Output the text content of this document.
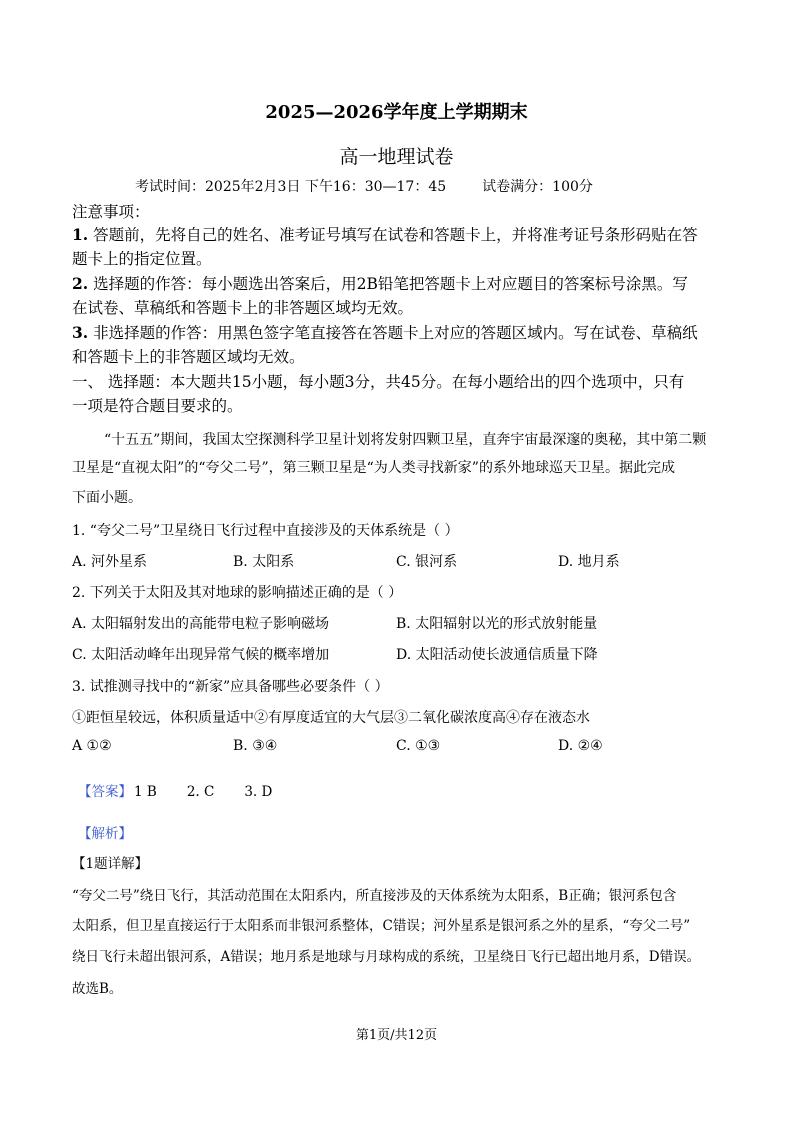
2025—2026学年度上学期期末
高一地理试卷
考试时间：2025年2月3日 下午16：30—17：45	试卷满分：100分
注意事项：
1. 答题前，先将自己的姓名、准考证号填写在试卷和答题卡上，并将准考证号条形码贴在答
题卡上的指定位置。
2. 选择题的作答：每小题选出答案后，用2B铅笔把答题卡上对应题目的答案标号涂黑。写
在试卷、草稿纸和答题卡上的非答题区域均无效。
3. 非选择题的作答：用黑色签字笔直接答在答题卡上对应的答题区域内。写在试卷、草稿纸
和答题卡上的非答题区域均无效。
一、 选择题：本大题共15小题，每小题3分，共45分。在每小题给出的四个选项中，只有
一项是符合题目要求的。
“十五五”期间，我国太空探测科学卫星计划将发射四颗卫星，直奔宇宙最深邃的奥秘，其中第二颗
卫星是“直视太阳”的“夸父二号”，第三颗卫星是“为人类寻找新家”的系外地球巡天卫星。据此完成
下面小题。
1. “夸父二号”卫星绕日飞行过程中直接涉及的天体系统是（ ）
A. 河外星系	B. 太阳系	C. 银河系	D. 地月系
2. 下列关于太阳及其对地球的影响描述正确的是（ ）
A. 太阳辐射发出的高能带电粒子影响磁场	B. 太阳辐射以光的形式放射能量
C. 太阳活动峰年出现异常气候的概率增加	D. 太阳活动使长波通信质量下降
3. 试推测寻找中的“新家”应具备哪些必要条件（ ）
①距恒星较远，体积质量适中②有厚度适宜的大气层③二氧化碳浓度高④存在液态水
A ①②	B. ③④	C. ①③	D. ②④
【答案】 1 B 2. C 3. D
【解析】
【1题详解】
“夸父二号”绕日飞行，其活动范围在太阳系内，所直接涉及的天体系统为太阳系，B正确；银河系包含
太阳系，但卫星直接运行于太阳系而非银河系整体，C错误；河外星系是银河系之外的星系，“夸父二号”
绕日飞行未超出银河系，A错误；地月系是地球与月球构成的系统，卫星绕日飞行已超出地月系，D错误。
故选B。
第1页/共12页
